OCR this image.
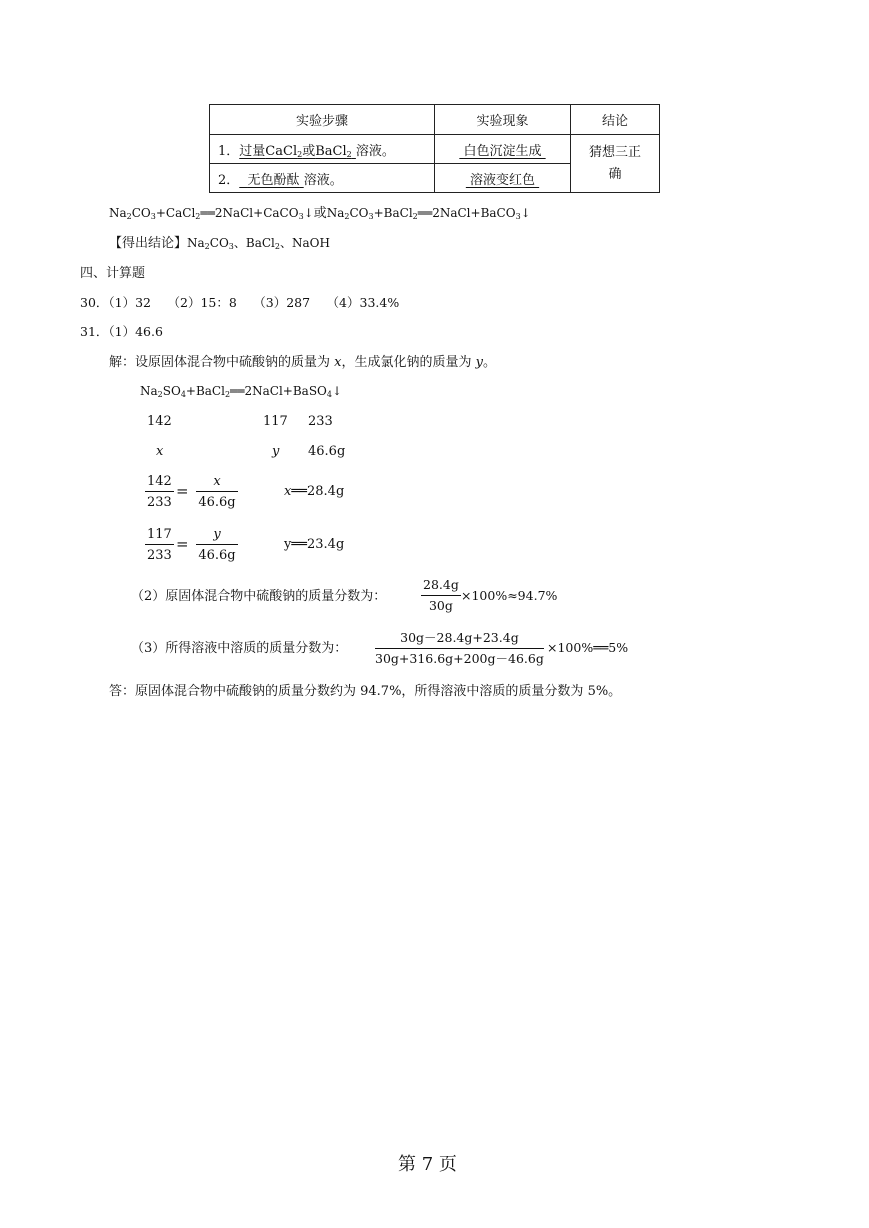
实验步骤	实验现象	结论
1．过量CaCl$_2$或BaCl$_2$ 溶液。	白色沉淀生成	猜想三正
确
2． 无色酚酞 溶液。	溶液变红色	
$Na_2CO_3+CaCl_2══2NaCl+CaCO_3↓$或$Na_2CO_3+BaCl_2══2NaCl+BaCO_3↓$
【得出结论】$Na_2CO_3$、BaCl$_2$、NaOH
四、计算题
30．（1）32　 （2）15：8　 （3）287　 （4）33.4%
31．（1）46.6
解：设原固体混合物中硫酸钠的质量为 x，生成氯化钠的质量为 y。
$Na_2SO_4+BaCl_2══2NaCl+BaSO_4↓$
142	117 233
x	y 46.6g
$\frac{142}{233} = \frac{x}{46.6g}$	x══28.4g
$\frac{117}{233} = \frac{y}{46.6g}$	y══23.4g
（2）原固体混合物中硫酸钠的质量分数为：	$\frac{28.4g}{30g} \times 100\%\approx 94.7\%$
（3）所得溶液中溶质的质量分数为： $\frac{30g-28.4g+23.4g}{30g+316.6g+200g-46.6g}$ ×100%══5%
答：原固体混合物中硫酸钠的质量分数约为 94.7%，所得溶液中溶质的质量分数为 5%。
第 7 页
